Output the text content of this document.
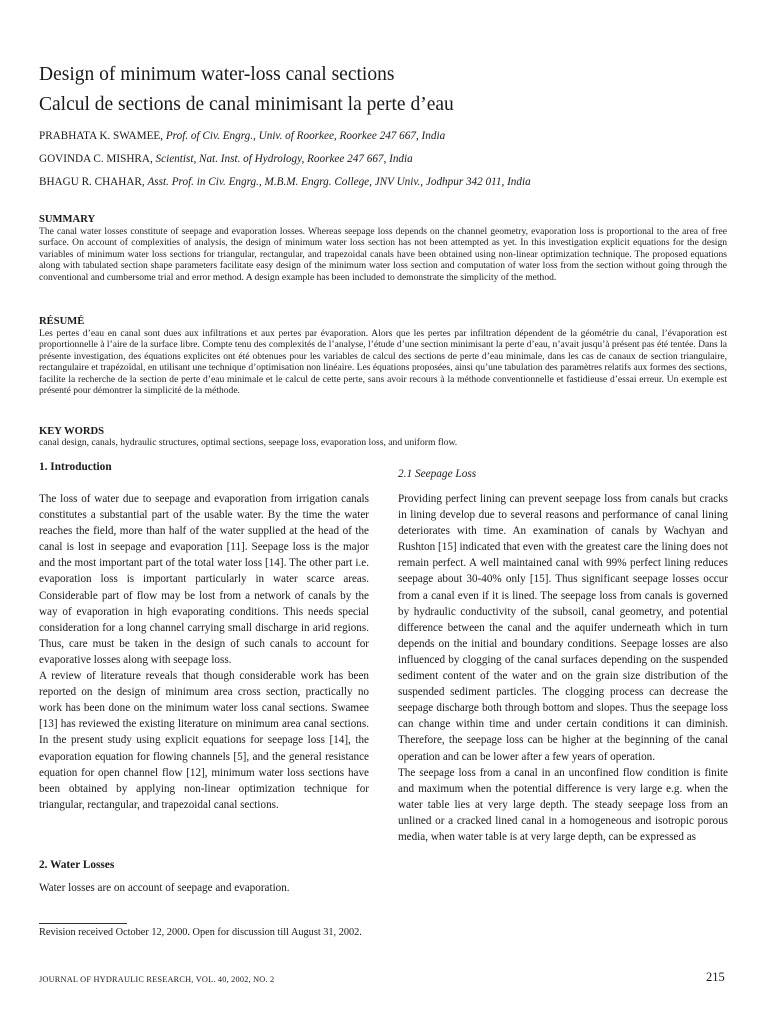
Design of minimum water-loss canal sections
Calcul de sections de canal minimisant la perte d’eau
PRABHATA K. SWAMEE, Prof. of Civ. Engrg., Univ. of Roorkee, Roorkee 247 667, India
GOVINDA C. MISHRA, Scientist, Nat. Inst. of Hydrology, Roorkee 247 667, India
BHAGU R. CHAHAR, Asst. Prof. in Civ. Engrg., M.B.M. Engrg. College, JNV Univ., Jodhpur 342 011, India
SUMMARY

The canal water losses constitute of seepage and evaporation losses. Whereas seepage loss depends on the channel geometry, evaporation loss is proportional to the area of free surface. On account of complexities of analysis, the design of minimum water loss section has not been attempted as yet. In this investigation explicit equations for the design variables of minimum water loss sections for triangular, rectangular, and trapezoidal canals have been obtained using non-linear optimization technique. The proposed equations along with tabulated section shape parameters facilitate easy design of the minimum water loss section and computation of water loss from the section without going through the conventional and cumbersome trial and error method. A design example has been included to demonstrate the simplicity of the method.

RÉSUMÉ

Les pertes d’eau en canal sont dues aux infiltrations et aux pertes par évaporation. Alors que les pertes par infiltration dépendent de la géométrie du canal, l’évaporation est proportionnelle à l’aire de la surface libre. Compte tenu des complexités de l’analyse, l’étude d’une section minimisant la perte d’eau, n’avait jusqu’à présent pas été tentée. Dans la présente investigation, des équations explicites ont été obtenues pour les variables de calcul des sections de perte d’eau minimale, dans les cas de canaux de section triangulaire, rectangulaire et trapézoïdal, en utilisant une technique d’optimisation non linéaire. Les équations proposées, ainsi qu’une tabulation des paramètres relatifs aux formes des sections, facilite la recherche de la section de perte d’eau minimale et le calcul de cette perte, sans avoir recours à la méthode conventionnelle et fastidieuse d’essai erreur. Un exemple est présenté pour démontrer la simplicité de la méthode.

KEY WORDS
canal design, canals, hydraulic structures, optimal sections, seepage loss, evaporation loss, and uniform flow.
1. Introduction

The loss of water due to seepage and evaporation from irrigation canals constitutes a substantial part of the usable water. By the time the water reaches the field, more than half of the water supplied at the head of the canal is lost in seepage and evaporation [11]. Seepage loss is the major and the most important part of the total water loss [14]. The other part i.e. evaporation loss is important particularly in water scarce areas. Considerable part of flow may be lost from a network of canals by the way of evaporation in high evaporating conditions. This needs special consideration for a long channel carrying small discharge in arid regions. Thus, care must be taken in the design of such canals to account for evaporative losses along with seepage loss.

A review of literature reveals that though considerable work has been reported on the design of minimum area cross section, practically no work has been done on the minimum water loss canal sections. Swamee [13] has reviewed the existing literature on minimum area canal sections. In the present study using explicit equations for seepage loss [14], the evaporation equation for flowing channels [5], and the general resistance equation for open channel flow [12], minimum water loss sections have been obtained by applying non-linear optimization technique for triangular, rectangular, and trapezoidal canal sections.

2. Water Losses
Water losses are on account of seepage and evaporation.
2.1 Seepage Loss

Providing perfect lining can prevent seepage loss from canals but cracks in lining develop due to several reasons and performance of canal lining deteriorates with time. An examination of canals by Wachyan and Rushton [15] indicated that even with the greatest care the lining does not remain perfect. A well maintained canal with 99% perfect lining reduces seepage about 30-40% only [15]. Thus significant seepage losses occur from a canal even if it is lined. The seepage loss from canals is governed by hydraulic conductivity of the subsoil, canal geometry, and potential difference between the canal and the aquifer underneath which in turn depends on the initial and boundary conditions. Seepage losses are also influenced by clogging of the canal surfaces depending on the suspended sediment content of the water and on the grain size distribution of the suspended sediment particles. The clogging process can decrease the seepage discharge both through bottom and slopes. Thus the seepage loss can change within time and under certain conditions it can diminish. Therefore, the seepage loss can be higher at the beginning of the canal operation and can be lower after a few years of operation.

The seepage loss from a canal in an unconfined flow condition is finite and maximum when the potential difference is very large e.g. when the water table lies at very large depth. The steady seepage loss from an unlined or a cracked lined canal in a homogeneous and isotropic porous media, when water table is at very large depth, can be expressed as

Revision received October 12, 2000. Open for discussion till August 31, 2002.
JOURNAL OF HYDRAULIC RESEARCH, VOL. 40, 2002, NO. 2	215
